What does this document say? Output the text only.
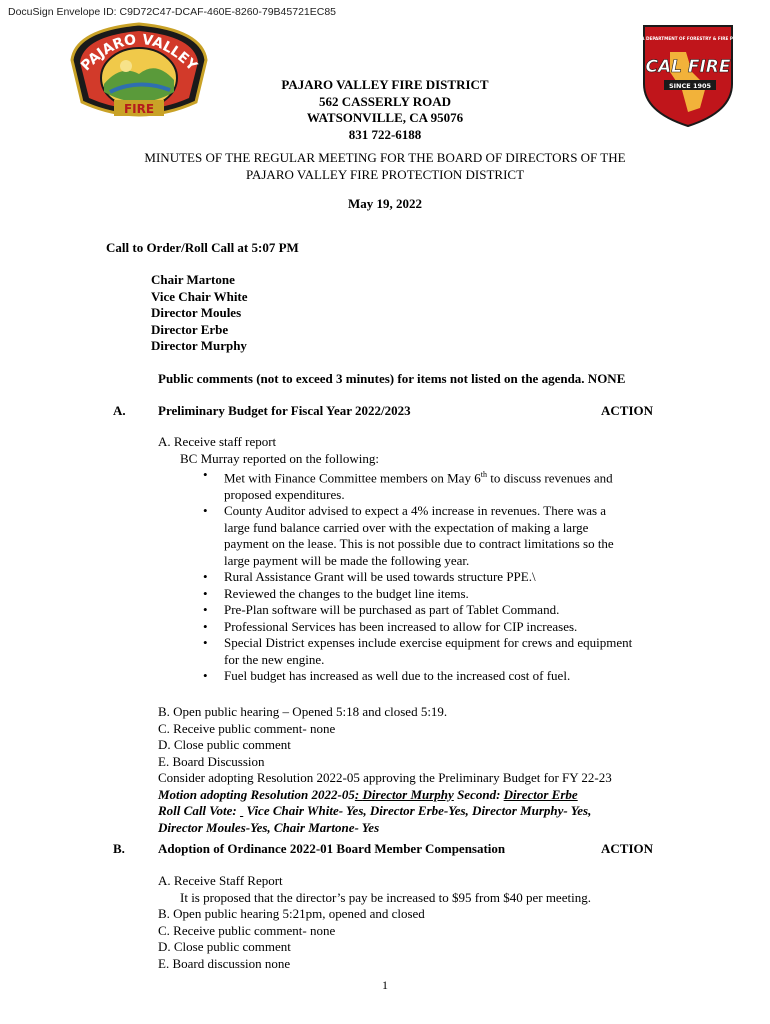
DocuSign Envelope ID: C9D72C47-DCAF-460E-8260-79B45721EC85
PAJARO VALLEY
FIRE
CALIFORNIA DEPARTMENT OF FORESTRY & FIRE PROTECTION
CAL FIRE
SINCE 1905
PAJARO VALLEY FIRE DISTRICT
562 CASSERLY ROAD
WATSONVILLE, CA 95076
831 722-6188
MINUTES OF THE REGULAR MEETING FOR THE BOARD OF DIRECTORS OF THE
PAJARO VALLEY FIRE PROTECTION DISTRICT
May 19, 2022
Call to Order/Roll Call at 5:07 PM
Chair Martone
Vice Chair White
Director Moules
Director Erbe
Director Murphy
Public comments (not to exceed 3 minutes) for items not listed on the agenda. NONE
A. Preliminary Budget for Fiscal Year 2022/2023	ACTION
A. Receive staff report
BC Murray reported on the following:
• Met with Finance Committee members on May 6th to discuss revenues and
proposed expenditures.
• County Auditor advised to expect a 4% increase in revenues. There was a
large fund balance carried over with the expectation of making a large
payment on the lease. This is not possible due to contract limitations so the
large payment will be made the following year.
• Rural Assistance Grant will be used towards structure PPE.\
• Reviewed the changes to the budget line items.
• Pre-Plan software will be purchased as part of Tablet Command.
• Professional Services has been increased to allow for CIP increases.
• Special District expenses include exercise equipment for crews and equipment
for the new engine.
• Fuel budget has increased as well due to the increased cost of fuel.
B. Open public hearing – Opened 5:18 and closed 5:19.
C. Receive public comment- none
D. Close public comment
E. Board Discussion
Consider adopting Resolution 2022-05 approving the Preliminary Budget for FY 22-23
Motion adopting Resolution 2022-05: Director Murphy Second: Director Erbe
Roll Call Vote:   Vice Chair White- Yes, Director Erbe-Yes, Director Murphy- Yes,
Director Moules-Yes, Chair Martone- Yes
B.	Adoption of Ordinance 2022-01 Board Member Compensation	ACTION
A. Receive Staff Report
It is proposed that the director’s pay be increased to $95 from $40 per meeting.
B. Open public hearing 5:21pm, opened and closed
C. Receive public comment- none
D. Close public comment
E. Board discussion none
1
